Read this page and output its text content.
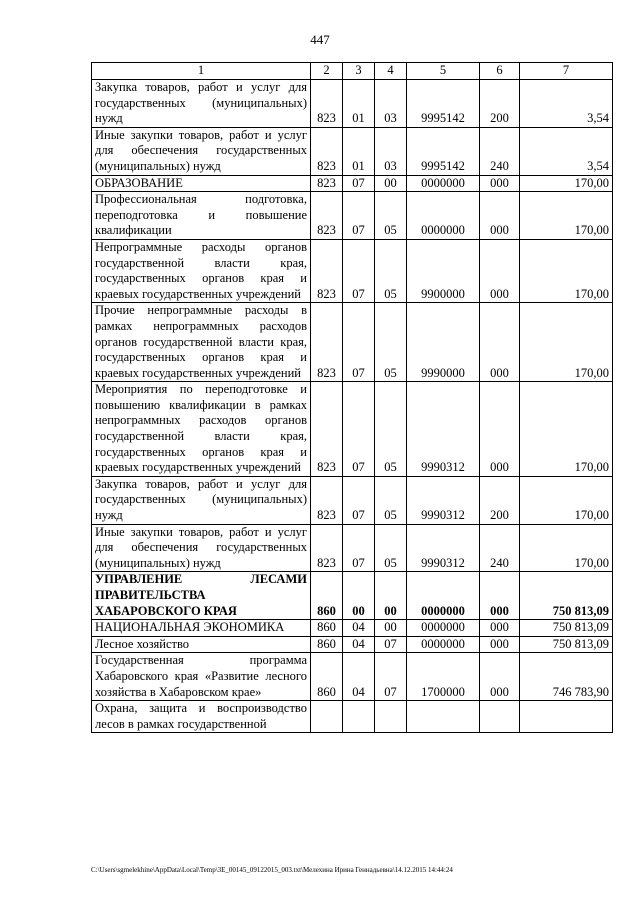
447
1	2	3	4	5	6	7
Закупка товаров, работ и услуг для государственных (муниципальных) нужд	823	01	03	9995142	200	3,54
Иные закупки товаров, работ и услуг для обеспечения государственных (муниципальных) нужд	823	01	03	9995142	240	3,54
ОБРАЗОВАНИЕ	823	07	00	0000000	000	170,00
Профессиональная подготовка, переподготовка и повышение квалификации	823	07	05	0000000	000	170,00
Непрограммные расходы органов государственной власти края, государственных органов края и краевых государственных учреждений	823	07	05	9900000	000	170,00
Прочие непрограммные расходы в рамках непрограммных расходов органов государственной власти края, государственных органов края и краевых государственных учреждений	823	07	05	9990000	000	170,00
Мероприятия по переподготовке и повышению квалификации в рамках непрограммных расходов органов государственной власти края, государственных органов края и краевых государственных учреждений	823	07	05	9990312	000	170,00
Закупка товаров, работ и услуг для государственных (муниципальных) нужд	823	07	05	9990312	200	170,00
Иные закупки товаров, работ и услуг для обеспечения государственных (муниципальных) нужд	823	07	05	9990312	240	170,00
УПРАВЛЕНИЕ ЛЕСАМИ ПРАВИТЕЛЬСТВА ХАБАРОВСКОГО КРАЯ	860	00	00	0000000	000	750 813,09
НАЦИОНАЛЬНАЯ ЭКОНОМИКА	860	04	00	0000000	000	750 813,09
Лесное хозяйство	860	04	07	0000000	000	750 813,09
Государственная программа Хабаровского края «Развитие лесного хозяйства в Хабаровском крае»	860	04	07	1700000	000	746 783,90
Охрана, защита и воспроизводство лесов в рамках государственной						
C:\Users\sgmelekhine\AppData\Local\Temp\3E_00145_09122015_003.txt\Мелехина Ирина Геннадьевна\14.12.2015 14:44:24
